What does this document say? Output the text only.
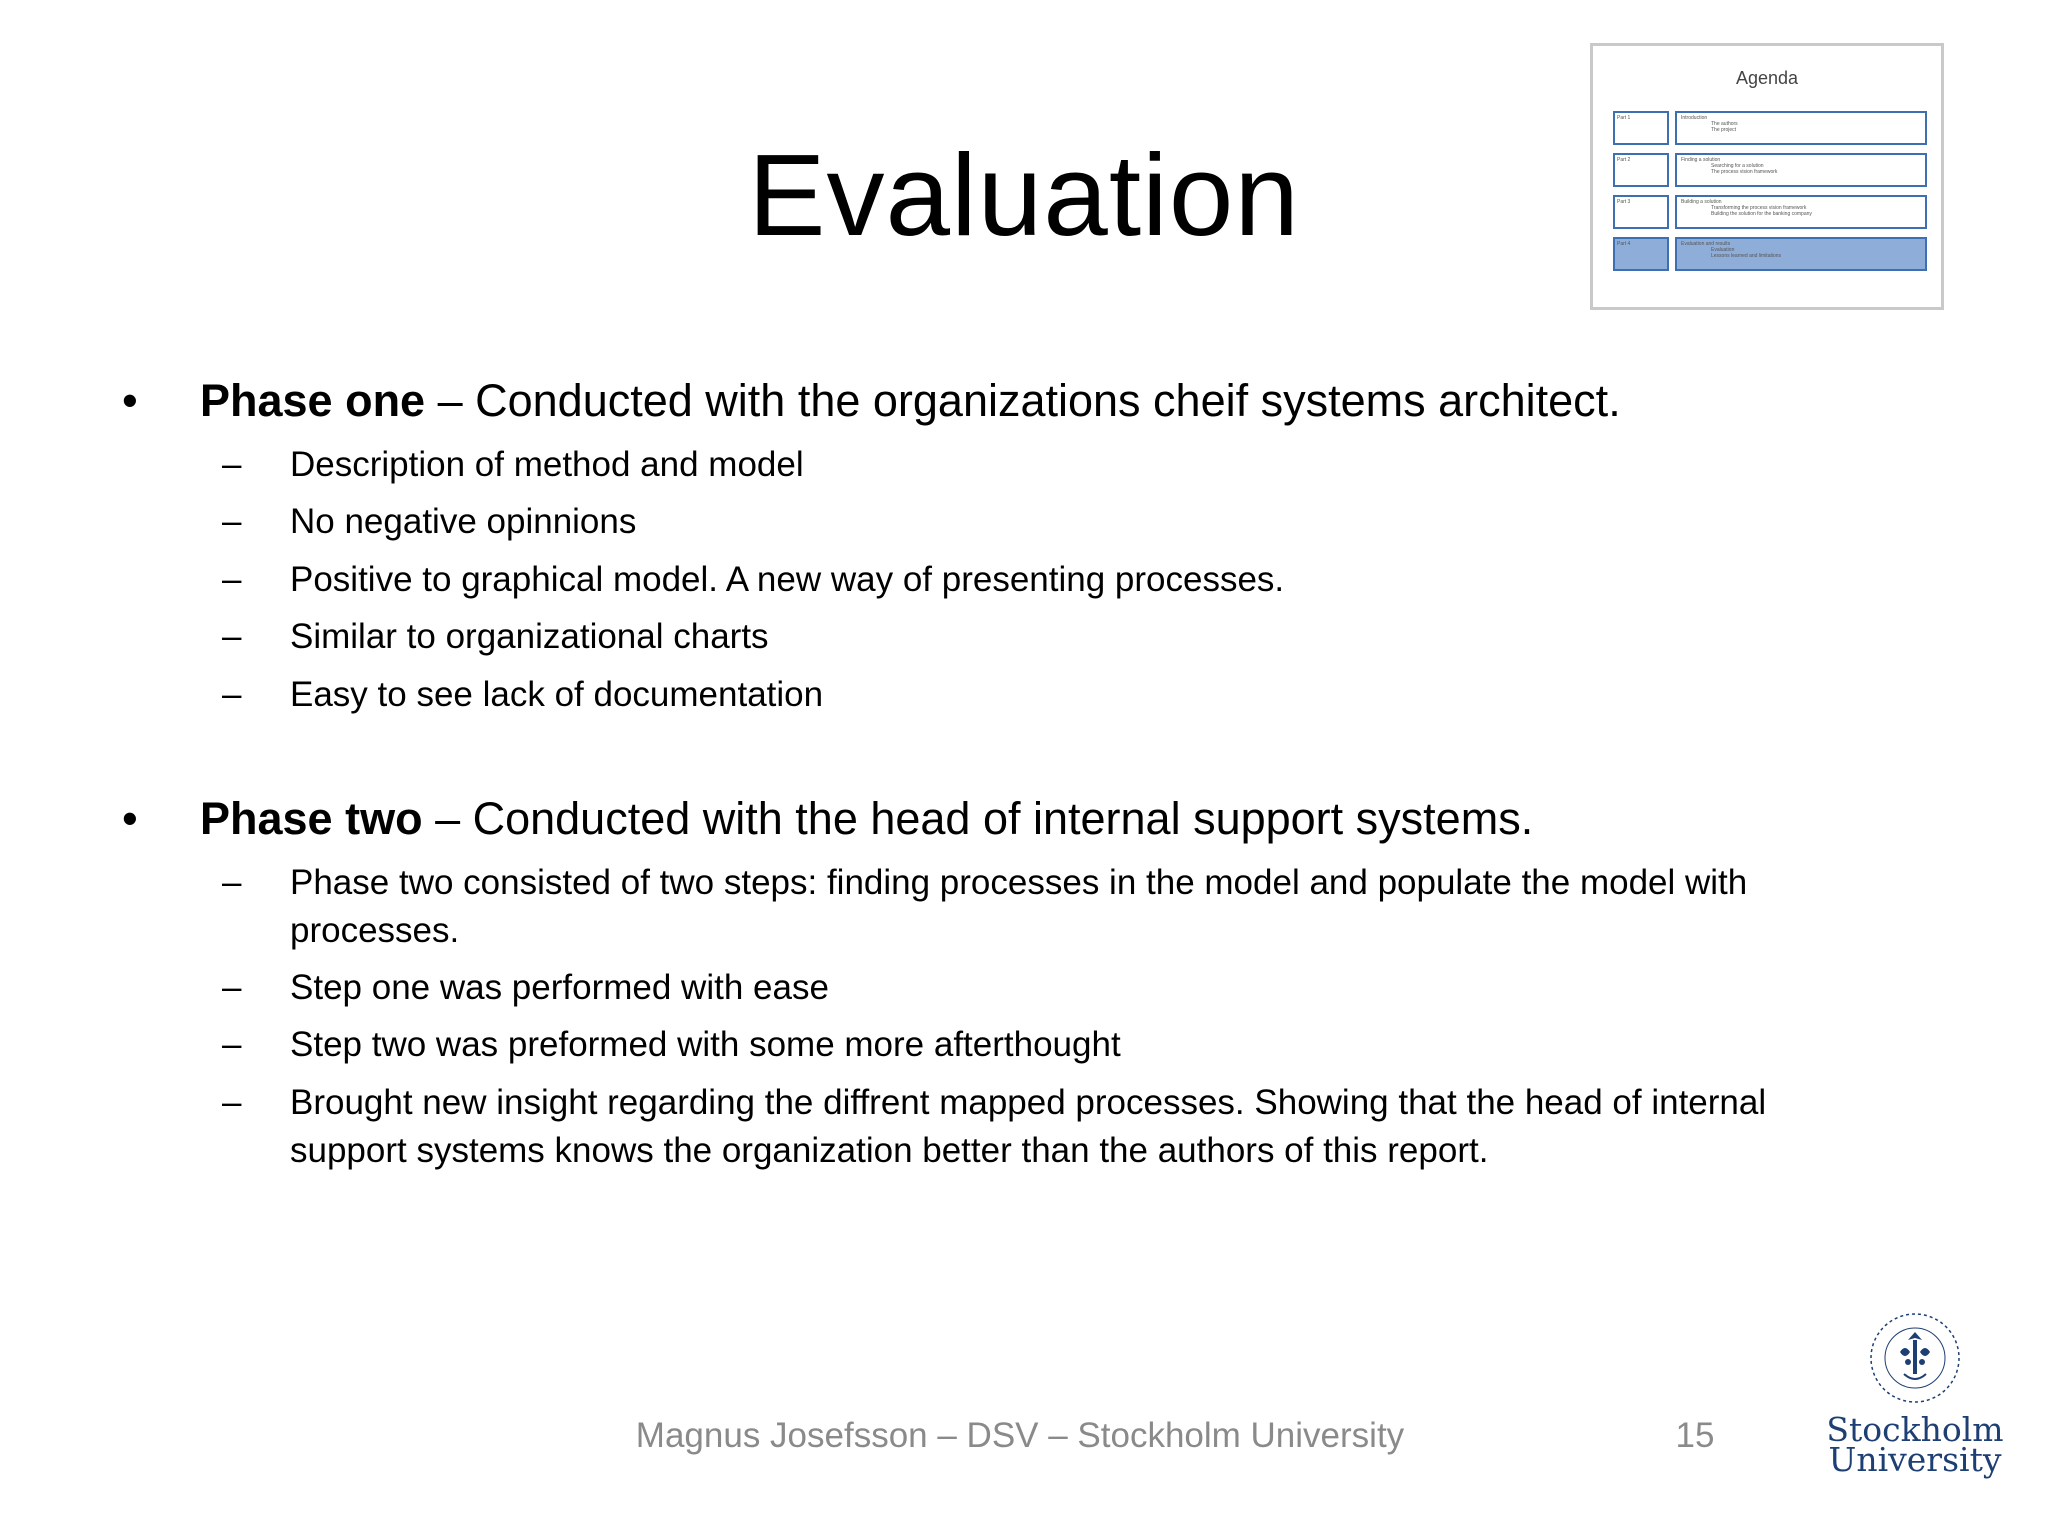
Evaluation
Agenda
Part 1	Introduction
The authors
The project
Part 2	Finding a solution
Searching for a solution
The process vision framework
Part 3	Building a solution
Transforming the process vision framework
Building the solution for the banking company
Part 4	Evaluation and results
Evaluation
Lessons learned and limitations
• Phase one – Conducted with the organizations cheif systems architect.
– Description of method and model
– No negative opinnions
– Positive to graphical model. A new way of presenting processes.
– Similar to organizational charts
– Easy to see lack of documentation
• Phase two – Conducted with the head of internal support systems.
– Phase two consisted of two steps: finding processes in the model and populate the model with processes.
– Step one was performed with ease
– Step two was preformed with some more afterthought
– Brought new insight regarding the diffrent mapped processes. Showing that the head of internal support systems knows the organization better than the authors of this report.
Magnus Josefsson – DSV – Stockholm University	15	Stockholm
University
